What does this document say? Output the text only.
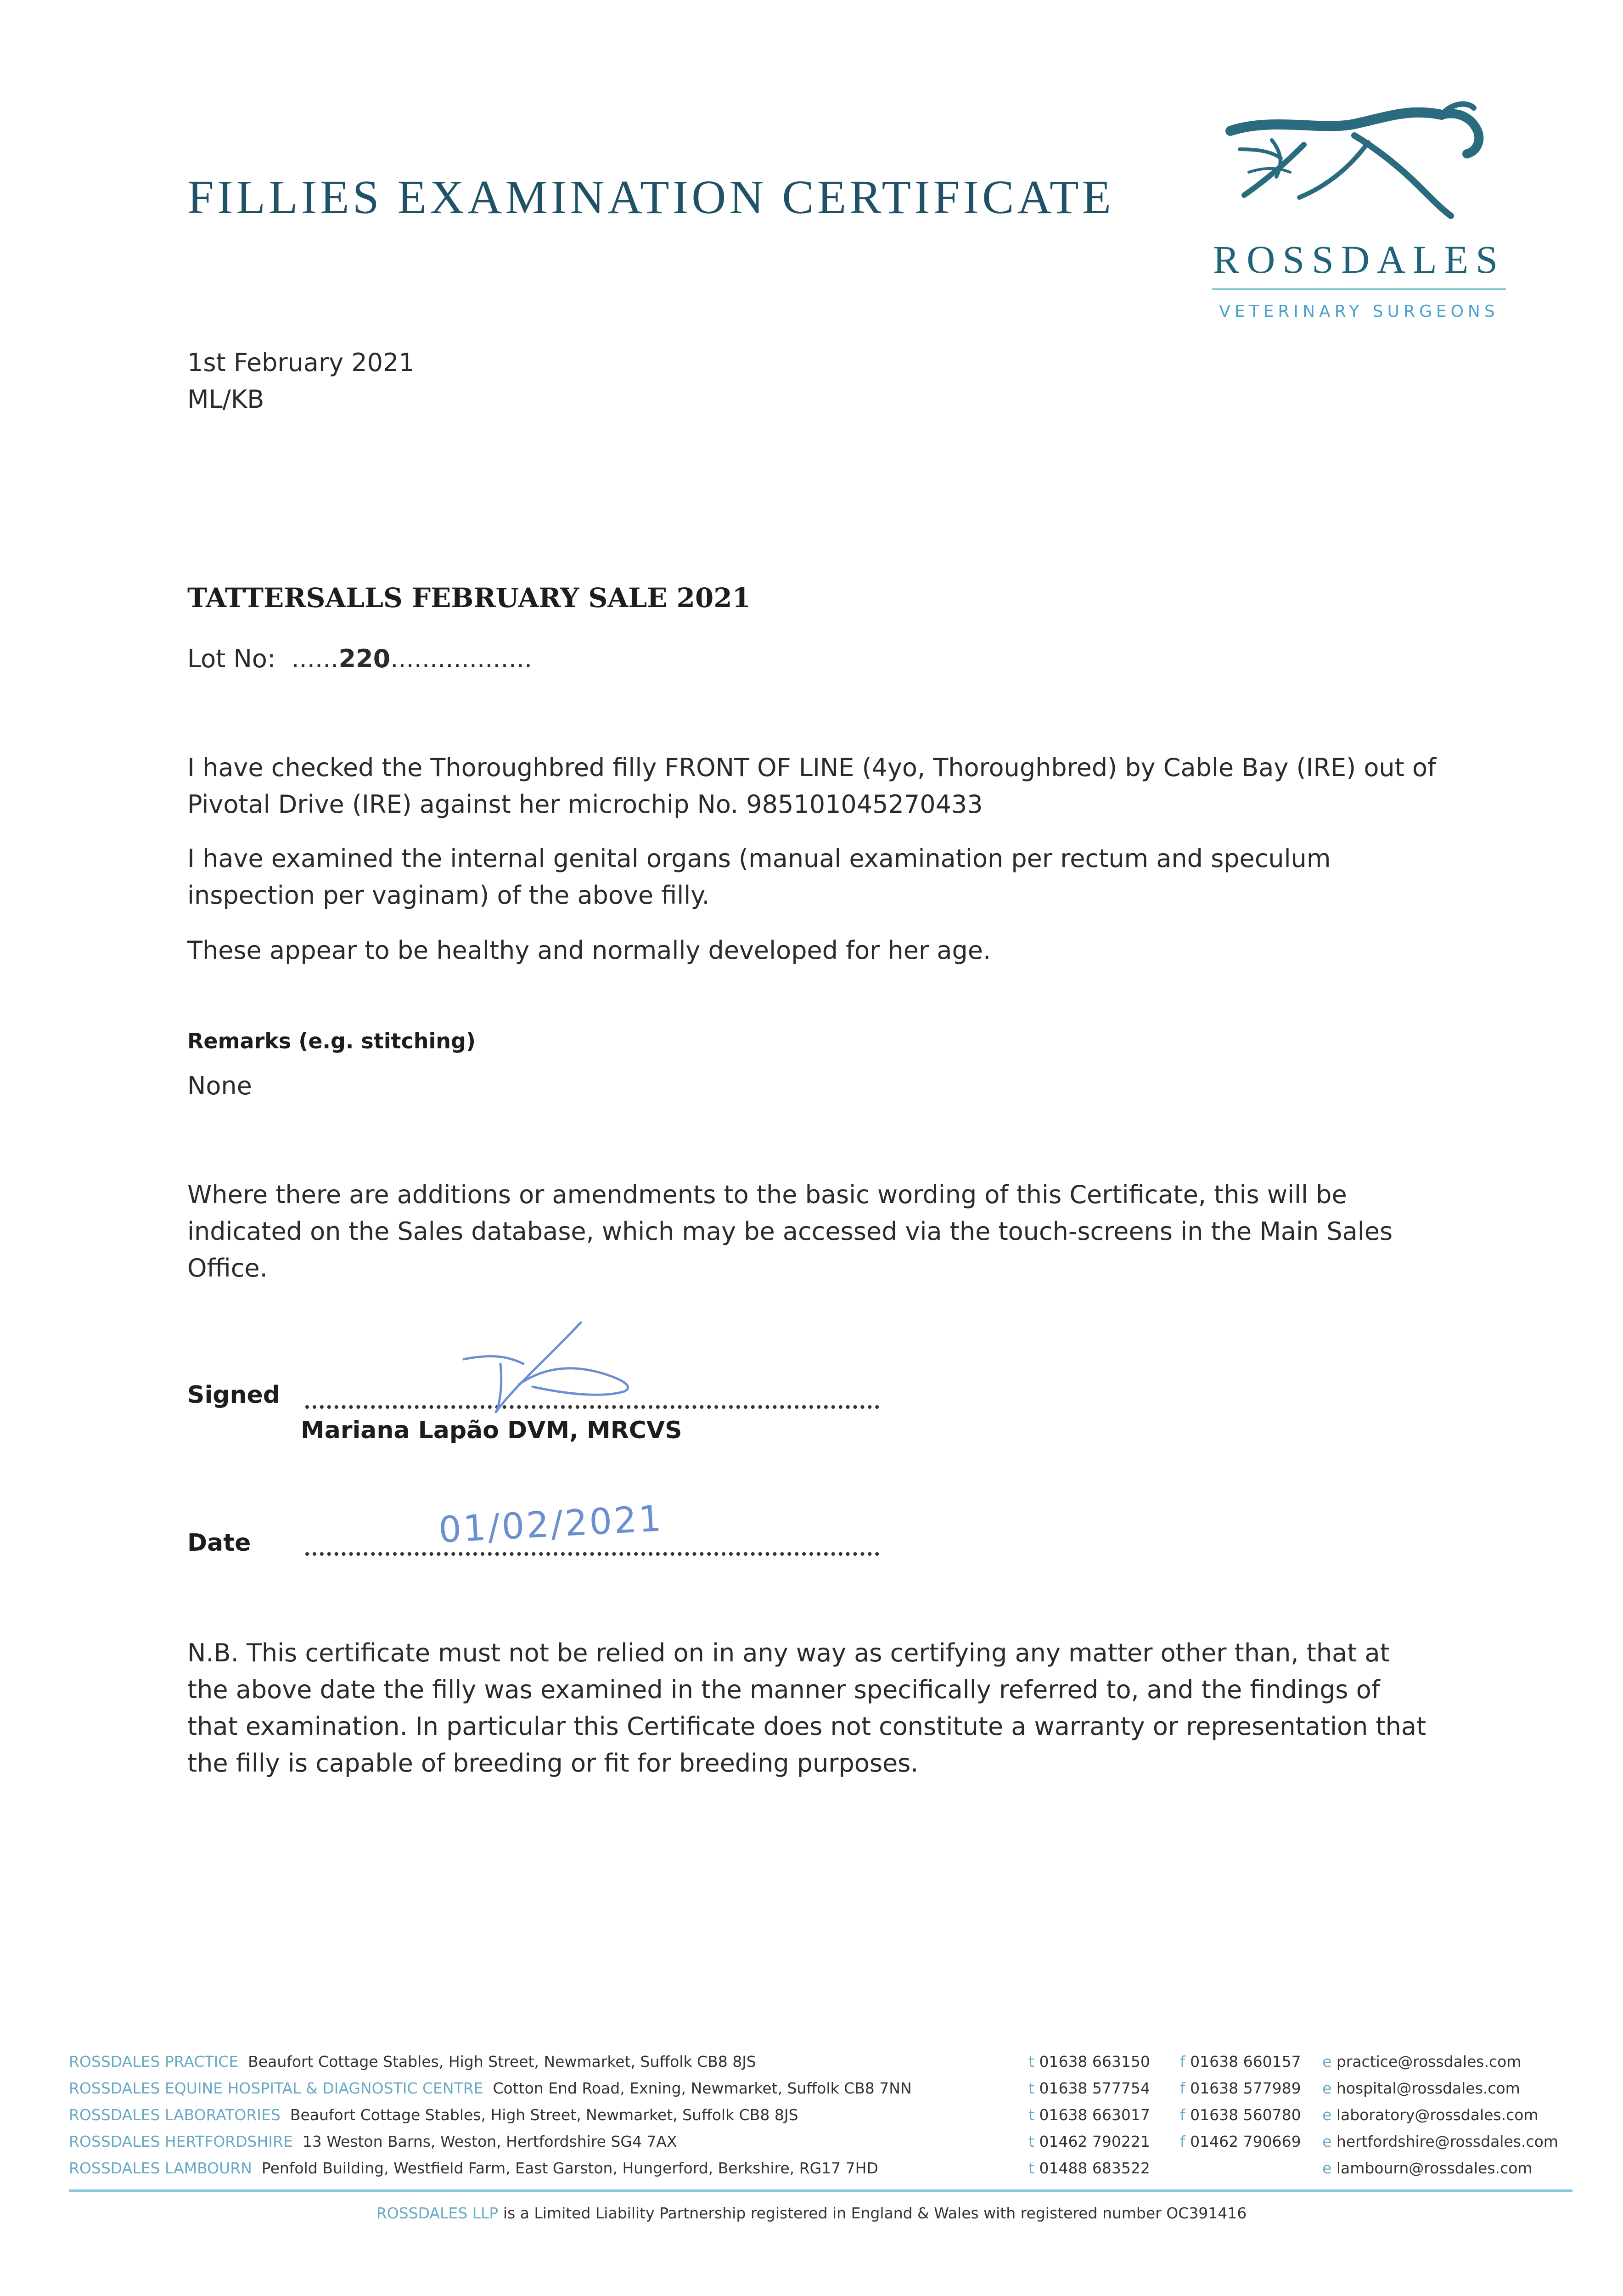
FILLIES EXAMINATION CERTIFICATE
ROSSDALES
VETERINARY SURGEONS
1st February 2021
ML/KB
TATTERSALLS FEBRUARY SALE 2021
Lot No: ......220..................
I have checked the Thoroughbred filly FRONT OF LINE (4yo, Thoroughbred) by Cable Bay (IRE) out of Pivotal Drive (IRE) against her microchip No. 985101045270433
I have examined the internal genital organs (manual examination per rectum and speculum inspection per vaginam) of the above filly.
These appear to be healthy and normally developed for her age.
Remarks (e.g. stitching)
None
Where there are additions or amendments to the basic wording of this Certificate, this will be indicated on the Sales database, which may be accessed via the touch-screens in the Main Sales Office.
Signed
Mariana Lapão DVM, MRCVS
Date	01/02/2021
N.B. This certificate must not be relied on in any way as certifying any matter other than, that at the above date the filly was examined in the manner specifically referred to, and the findings of that examination. In particular this Certificate does not constitute a warranty or representation that the filly is capable of breeding or fit for breeding purposes.
ROSSDALES PRACTICE Beaufort Cottage Stables, High Street, Newmarket, Suffolk CB8 8JS	t 01638 663150 f 01638 660157 e practice@rossdales.com
ROSSDALES EQUINE HOSPITAL & DIAGNOSTIC CENTRE Cotton End Road, Exning, Newmarket, Suffolk CB8 7NN	t 01638 577754 f 01638 577989 e hospital@rossdales.com
ROSSDALES LABORATORIES Beaufort Cottage Stables, High Street, Newmarket, Suffolk CB8 8JS	t 01638 663017 f 01638 560780 e laboratory@rossdales.com
ROSSDALES HERTFORDSHIRE 13 Weston Barns, Weston, Hertfordshire SG4 7AX	t 01462 790221 f 01462 790669 e hertfordshire@rossdales.com
ROSSDALES LAMBOURN Penfold Building, Westfield Farm, East Garston, Hungerford, Berkshire, RG17 7HD	t 01488 683522	e lambourn@rossdales.com
ROSSDALES LLP is a Limited Liability Partnership registered in England & Wales with registered number OC391416
